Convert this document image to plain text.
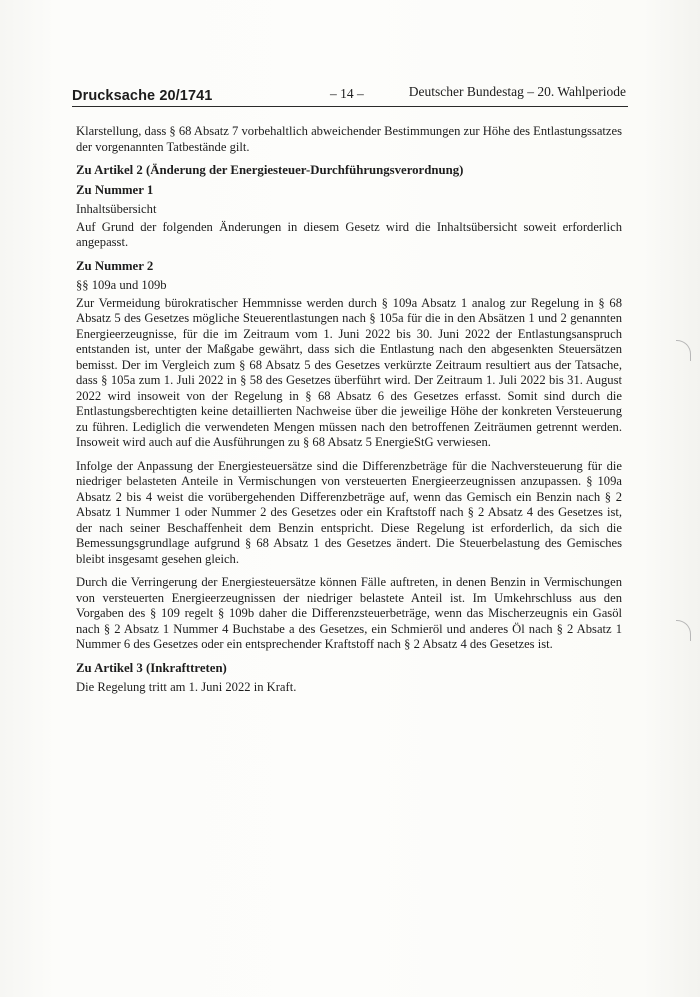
Drucksache 20/1741	– 14 –	Deutscher Bundestag – 20. Wahlperiode

Klarstellung, dass § 68 Absatz 7 vorbehaltlich abweichender Bestimmungen zur Höhe des Entlastungssatzes der vorgenannten Tatbestände gilt.

Zu Artikel 2 (Änderung der Energiesteuer-Durchführungsverordnung)
Zu Nummer 1

Inhaltsübersicht

Auf Grund der folgenden Änderungen in diesem Gesetz wird die Inhaltsübersicht soweit erforderlich angepasst.

Zu Nummer 2

§§ 109a und 109b

Zur Vermeidung bürokratischer Hemmnisse werden durch § 109a Absatz 1 analog zur Regelung in § 68 Absatz 5 des Gesetzes mögliche Steuerentlastungen nach § 105a für die in den Absätzen 1 und 2 genannten Energieerzeugnisse, für die im Zeitraum vom 1. Juni 2022 bis 30. Juni 2022 der Entlastungsanspruch entstanden ist, unter der Maßgabe gewährt, dass sich die Entlastung nach den abgesenkten Steuersätzen bemisst. Der im Vergleich zum § 68 Absatz 5 des Gesetzes verkürzte Zeitraum resultiert aus der Tatsache, dass § 105a zum 1. Juli 2022 in § 58 des Gesetzes überführt wird. Der Zeitraum 1. Juli 2022 bis 31. August 2022 wird insoweit von der Regelung in § 68 Absatz 6 des Gesetzes erfasst. Somit sind durch die Entlastungsberechtigten keine detaillierten Nachweise über die jeweilige Höhe der konkreten Versteuerung zu führen. Lediglich die verwendeten Mengen müssen nach den betroffenen Zeiträumen getrennt werden. Insoweit wird auch auf die Ausführungen zu § 68 Absatz 5 EnergieStG verwiesen.

Infolge der Anpassung der Energiesteuersätze sind die Differenzbeträge für die Nachversteuerung für die niedriger belasteten Anteile in Vermischungen von versteuerten Energieerzeugnissen anzupassen. § 109a Absatz 2 bis 4 weist die vorübergehenden Differenzbeträge auf, wenn das Gemisch ein Benzin nach § 2 Absatz 1 Nummer 1 oder Nummer 2 des Gesetzes oder ein Kraftstoff nach § 2 Absatz 4 des Gesetzes ist, der nach seiner Beschaffenheit dem Benzin entspricht. Diese Regelung ist erforderlich, da sich die Bemessungsgrundlage aufgrund § 68 Absatz 1 des Gesetzes ändert. Die Steuerbelastung des Gemisches bleibt insgesamt gesehen gleich.

Durch die Verringerung der Energiesteuersätze können Fälle auftreten, in denen Benzin in Vermischungen von versteuerten Energieerzeugnissen der niedriger belastete Anteil ist. Im Umkehrschluss aus den Vorgaben des § 109 regelt § 109b daher die Differenzsteuerbeträge, wenn das Mischerzeugnis ein Gasöl nach § 2 Absatz 1 Nummer 4 Buchstabe a des Gesetzes, ein Schmieröl und anderes Öl nach § 2 Absatz 1 Nummer 6 des Gesetzes oder ein entsprechender Kraftstoff nach § 2 Absatz 4 des Gesetzes ist.

Zu Artikel 3 (Inkrafttreten)

Die Regelung tritt am 1. Juni 2022 in Kraft.
